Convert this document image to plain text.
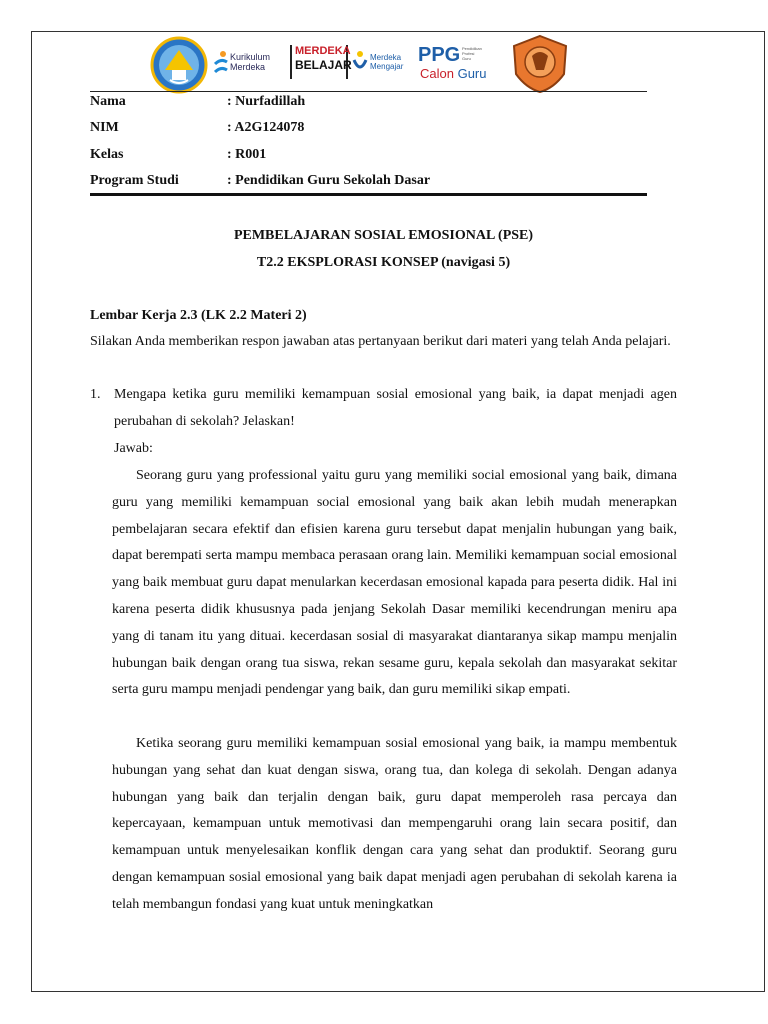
Kurikulum
Merdeka
MERDEKA
BELAJAR
Merdeka
Mengajar
PPG Pendidikan
Profesi
Guru
Calon Guru
Nama	: Nurfadillah
NIM	: A2G124078
Kelas	: R001
Program Studi	: Pendidikan Guru Sekolah Dasar
PEMBELAJARAN SOSIAL EMOSIONAL (PSE)
T2.2 EKSPLORASI KONSEP (navigasi 5)
Lembar Kerja 2.3 (LK 2.2 Materi 2)
Silakan Anda memberikan respon jawaban atas pertanyaan berikut dari materi yang telah Anda pelajari.
1. Mengapa ketika guru memiliki kemampuan sosial emosional yang baik, ia dapat menjadi agen perubahan di sekolah? Jelaskan!
Jawab:
Seorang guru yang professional yaitu guru yang memiliki social emosional yang baik, dimana guru yang memiliki kemampuan social emosional yang baik akan lebih mudah menerapkan pembelajaran secara efektif dan efisien karena guru tersebut dapat menjalin hubungan yang baik, dapat berempati serta mampu membaca perasaan orang lain. Memiliki kemampuan social emosional yang baik membuat guru dapat menularkan kecerdasan emosional kapada para peserta didik. Hal ini karena peserta didik khususnya pada jenjang Sekolah Dasar memiliki kecendrungan meniru apa yang di tanam itu yang dituai. kecerdasan sosial di masyarakat diantaranya sikap mampu menjalin hubungan baik dengan orang tua siswa, rekan sesame guru, kepala sekolah dan masyarakat sekitar serta guru mampu menjadi pendengar yang baik, dan guru memiliki sikap empati.
Ketika seorang guru memiliki kemampuan sosial emosional yang baik, ia mampu membentuk hubungan yang sehat dan kuat dengan siswa, orang tua, dan kolega di sekolah. Dengan adanya hubungan yang baik dan terjalin dengan baik, guru dapat memperoleh rasa percaya dan kepercayaan, kemampuan untuk memotivasi dan mempengaruhi orang lain secara positif, dan kemampuan untuk menyelesaikan konflik dengan cara yang sehat dan produktif. Seorang guru dengan kemampuan sosial emosional yang baik dapat menjadi agen perubahan di sekolah karena ia telah membangun fondasi yang kuat untuk meningkatkan
